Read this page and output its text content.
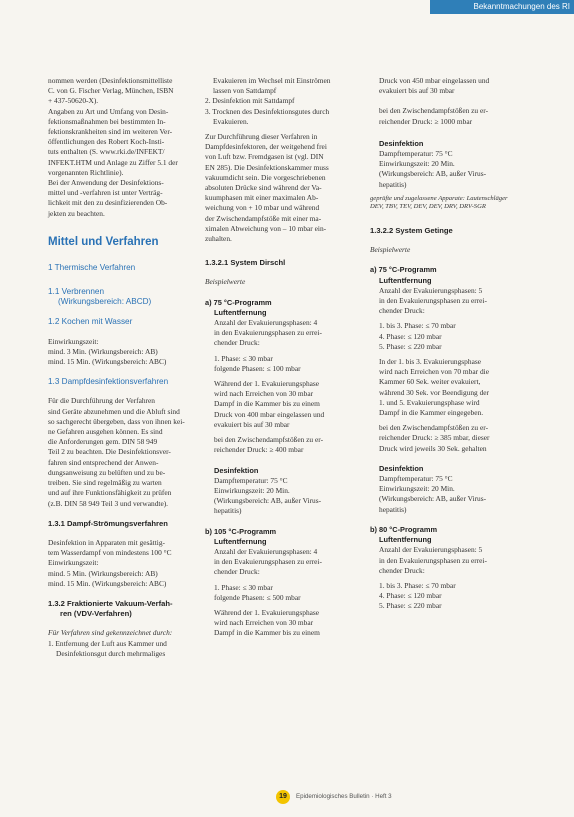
Bekanntmachungen des RI

nommen werden (Desinfektionsmittelliste
C. von G. Fischer Verlag, München, ISBN
+ 437-50620-X).
Angaben zu Art und Umfang von Desin-
fektionsmaßnahmen bei bestimmten In-
fektionskrankheiten sind im weiteren Ver-
öffentlichungen des Robert Koch-Insti-
tuts enthalten (S. www.rki.de/INFEKT/
INFEKT.HTM und Anlage zu Ziffer 5.1 der
vorgenannten Richtlinie).
Bei der Anwendung der Desinfektions-
mittel und -verfahren ist unter Verträg-
lichkeit mit den zu desinfizierenden Ob-
jekten zu beachten.

Mittel und Verfahren
1 Thermische Verfahren
1.1 Verbrennen
(Wirkungsbereich: ABCD)
1.2 Kochen mit Wasser

Einwirkungszeit:
mind. 3 Min. (Wirkungsbereich: AB)
mind. 15 Min. (Wirkungsbereich: ABC)

1.3 Dampfdesinfektionsverfahren

Für die Durchführung der Verfahren
sind Geräte abzunehmen und die Abluft sind
so sachgerecht übergeben, dass von ihnen kei-
ne Gefahren ausgehen können. Es sind
die Anforderungen gem. DIN 58 949
Teil 2 zu beachten. Die Desinfektionsver-
fahren sind entsprechend der Anwen-
dungsanweisung zu belüften und zu be-
treiben. Sie sind regelmäßig zu warten
und auf ihre Funktionsfähigkeit zu prüfen
(z.B. DIN 58 949 Teil 3 und verwandte).

1.3.1 Dampf-Strömungsverfahren

Desinfektion in Apparaten mit gesättig-
tem Wasserdampf von mindestens 100 °C
Einwirkungszeit:
mind. 5 Min. (Wirkungsbereich: AB)
mind. 15 Min. (Wirkungsbereich: ABC)

1.3.2 Fraktionierte Vakuum-Verfah-
ren (VDV-Verfahren)

Für Verfahren sind gekennzeichnet durch:
1. Entfernung der Luft aus Kammer und
Desinfektionsgut durch mehrmaliges

Evakuieren im Wechsel mit Einströmen
lassen von Sattdampf
2. Desinfektion mit Sattdampf
3. Trocknen des Desinfektionsgutes durch
Evakuieren.

Zur Durchführung dieser Verfahren in
Dampfdesinfektoren, der weitgehend frei
von Luft bzw. Fremdgasen ist (vgl. DIN
EN 285). Die Desinfektionskammer muss
vakuumdicht sein. Die vorgeschriebenen
absoluten Drücke sind während der Va-
kuumphasen mit einer maximalen Ab-
weichung von + 10 mbar und während
der Zwischendampfstöße mit einer ma-
ximalen Abweichung von – 10 mbar ein-
zuhalten.

1.3.2.1 System Dirschl

Beispielwerte

a) 75 °C-Programm
Luftentfernung

Anzahl der Evakuierungsphasen: 4
in den Evakuierungsphasen zu errei-
chender Druck:

1. Phase: ≤ 30 mbar
folgende Phasen: ≤ 100 mbar

Während der 1. Evakuierungsphase
wird nach Erreichen von 30 mbar
Dampf in die Kammer bis zu einem
Druck von 400 mbar eingelassen und
evakuiert bis auf 30 mbar

bei den Zwischendampfstößen zu er-
reichender Druck: ≥ 400 mbar

Desinfektion

Dampftemperatur: 75 °C
Einwirkungszeit: 20 Min.
(Wirkungsbereich: AB, außer Virus-
hepatitis)

b) 105 °C-Programm
Luftentfernung

Anzahl der Evakuierungsphasen: 4
in den Evakuierungsphasen zu errei-
chender Druck:

1. Phase: ≤ 30 mbar
folgende Phasen: ≤ 500 mbar

Während der 1. Evakuierungsphase
wird nach Erreichen von 30 mbar
Dampf in die Kammer bis zu einem

Druck von 450 mbar eingelassen und
evakuiert bis auf 30 mbar

bei den Zwischendampfstößen zu er-
reichender Druck: ≥ 1000 mbar

Desinfektion

Dampftemperatur: 75 °C
Einwirkungszeit: 20 Min.
(Wirkungsbereich: AB, außer Virus-
hepatitis)

geprüfte und zugelassene Apparate: Lautenschläger
DEV, TBV, TEV, DEV, DEV, DRV, DRV-SGR

1.3.2.2 System Getinge

Beispielwerte

a) 75 °C-Programm
Luftentfernung

Anzahl der Evakuierungsphasen: 5
in den Evakuierungsphasen zu errei-
chender Druck:

1. bis 3. Phase: ≤ 70 mbar
4. Phase: ≤ 120 mbar
5. Phase: ≤ 220 mbar

In der 1. bis 3. Evakuierungsphase
wird nach Erreichen von 70 mbar die
Kammer 60 Sek. weiter evakuiert,
während 30 Sek. vor Beendigung der
1. und 5. Evakuierungsphase wird
Dampf in die Kammer eingegeben.

bei den Zwischendampfstößen zu er-
reichender Druck: ≥ 385 mbar, dieser
Druck wird jeweils 30 Sek. gehalten

Desinfektion

Dampftemperatur: 75 °C
Einwirkungszeit: 20 Min.
(Wirkungsbereich: AB, außer Virus-
hepatitis)

b) 80 °C-Programm
Luftentfernung

Anzahl der Evakuierungsphasen: 5
in den Evakuierungsphasen zu errei-
chender Druck:

1. bis 3. Phase: ≤ 70 mbar
4. Phase: ≤ 120 mbar
5. Phase: ≤ 220 mbar

19	Epidemiologisches Bulletin · Heft 3
